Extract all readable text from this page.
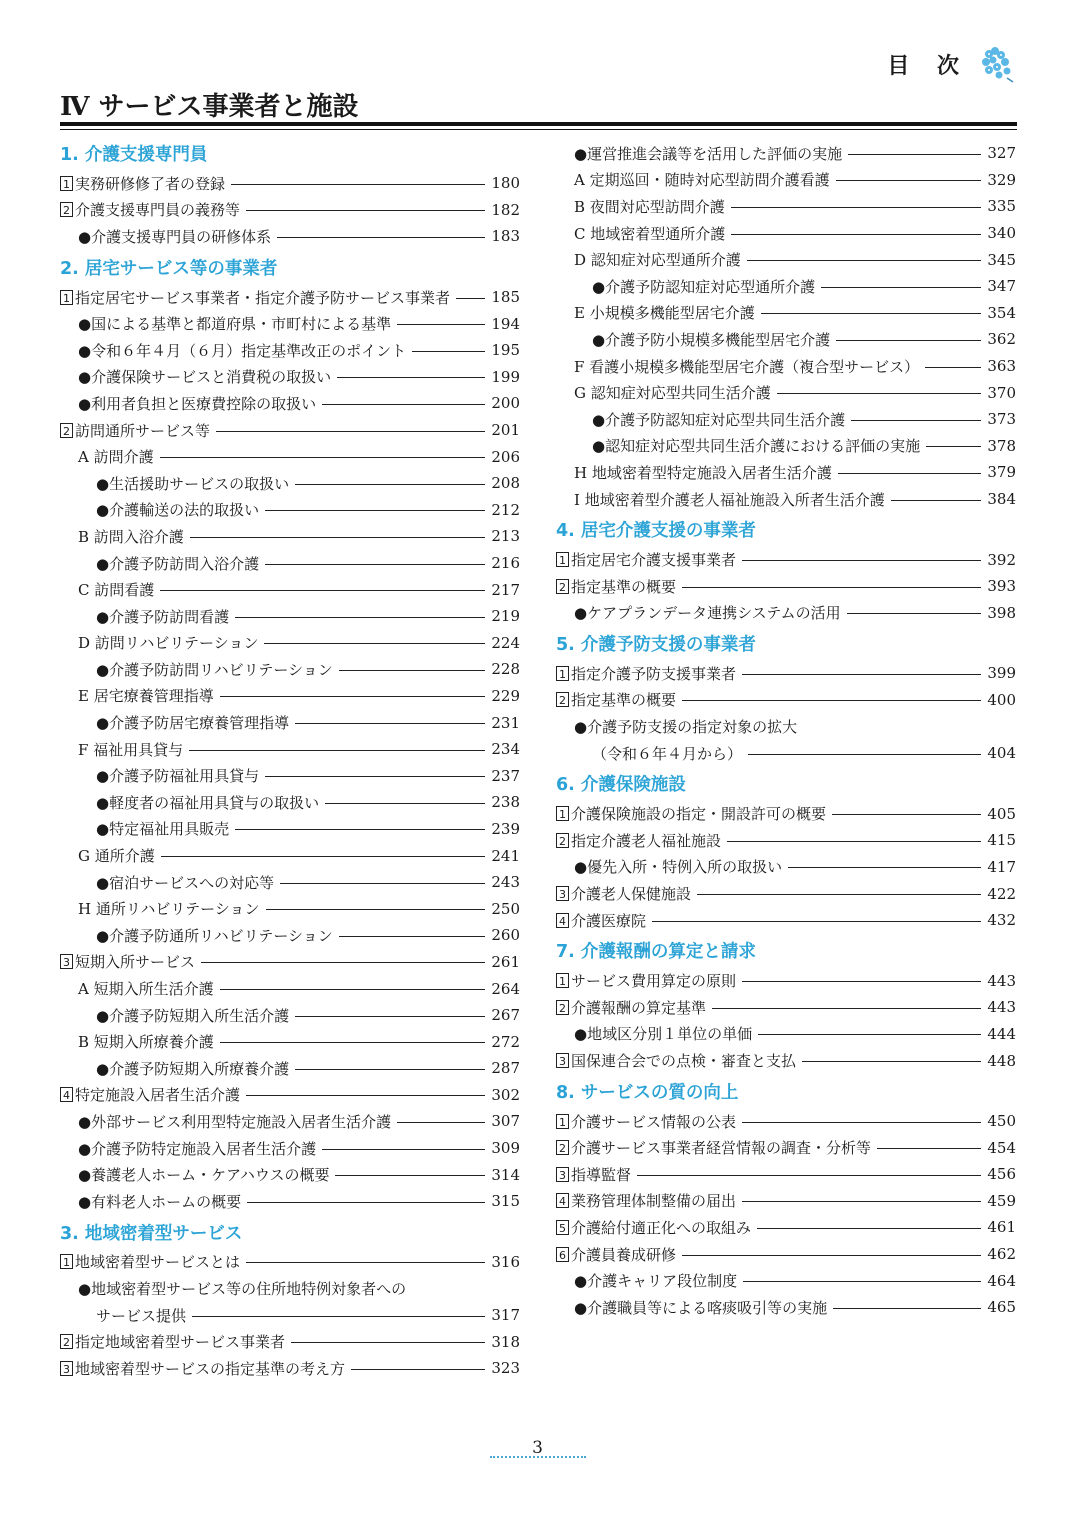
目 次
Ⅳ サービス事業者と施設
1. 介護支援専門員
1 実務研修修了者の登録	180
2 介護支援専門員の義務等	182
●介護支援専門員の研修体系	183
2. 居宅サービス等の事業者
1 指定居宅サービス事業者・指定介護予防サービス事業者	185
●国による基準と都道府県・市町村による基準	194
●令和６年４月（６月）指定基準改正のポイント	195
●介護保険サービスと消費税の取扱い	199
●利用者負担と医療費控除の取扱い	200
2 訪問通所サービス等	201
A 訪問介護	206
●生活援助サービスの取扱い	208
●介護輸送の法的取扱い	212
B 訪問入浴介護	213
●介護予防訪問入浴介護	216
C 訪問看護	217
●介護予防訪問看護	219
D 訪問リハビリテーション	224
●介護予防訪問リハビリテーション	228
E 居宅療養管理指導	229
●介護予防居宅療養管理指導	231
F 福祉用具貸与	234
●介護予防福祉用具貸与	237
●軽度者の福祉用具貸与の取扱い	238
●特定福祉用具販売	239
G 通所介護	241
●宿泊サービスへの対応等	243
H 通所リハビリテーション	250
●介護予防通所リハビリテーション	260
3 短期入所サービス	261
A 短期入所生活介護	264
●介護予防短期入所生活介護	267
B 短期入所療養介護	272
●介護予防短期入所療養介護	287
4 特定施設入居者生活介護	302
●外部サービス利用型特定施設入居者生活介護	307
●介護予防特定施設入居者生活介護	309
●養護老人ホーム・ケアハウスの概要	314
●有料老人ホームの概要	315
3. 地域密着型サービス
1 地域密着型サービスとは	316
●地域密着型サービス等の住所地特例対象者への
サービス提供	317
2 指定地域密着型サービス事業者	318
3 地域密着型サービスの指定基準の考え方	323
●運営推進会議等を活用した評価の実施	327
A 定期巡回・随時対応型訪問介護看護	329
B 夜間対応型訪問介護	335
C 地域密着型通所介護	340
D 認知症対応型通所介護	345
●介護予防認知症対応型通所介護	347
E 小規模多機能型居宅介護	354
●介護予防小規模多機能型居宅介護	362
F 看護小規模多機能型居宅介護（複合型サービス）	363
G 認知症対応型共同生活介護	370
●介護予防認知症対応型共同生活介護	373
●認知症対応型共同生活介護における評価の実施	378
H 地域密着型特定施設入居者生活介護	379
I 地域密着型介護老人福祉施設入所者生活介護	384
4. 居宅介護支援の事業者
1 指定居宅介護支援事業者	392
2 指定基準の概要	393
●ケアプランデータ連携システムの活用	398
5. 介護予防支援の事業者
1 指定介護予防支援事業者	399
2 指定基準の概要	400
●介護予防支援の指定対象の拡大
（令和６年４月から）	404
6. 介護保険施設
1 介護保険施設の指定・開設許可の概要	405
2 指定介護老人福祉施設	415
●優先入所・特例入所の取扱い	417
3 介護老人保健施設	422
4 介護医療院	432
7. 介護報酬の算定と請求
1 サービス費用算定の原則	443
2 介護報酬の算定基準	443
●地域区分別１単位の単価	444
3 国保連合会での点検・審査と支払	448
8. サービスの質の向上
1 介護サービス情報の公表	450
2 介護サービス事業者経営情報の調査・分析等	454
3 指導監督	456
4 業務管理体制整備の届出	459
5 介護給付適正化への取組み	461
6 介護員養成研修	462
●介護キャリア段位制度	464
●介護職員等による喀痰吸引等の実施	465
3
